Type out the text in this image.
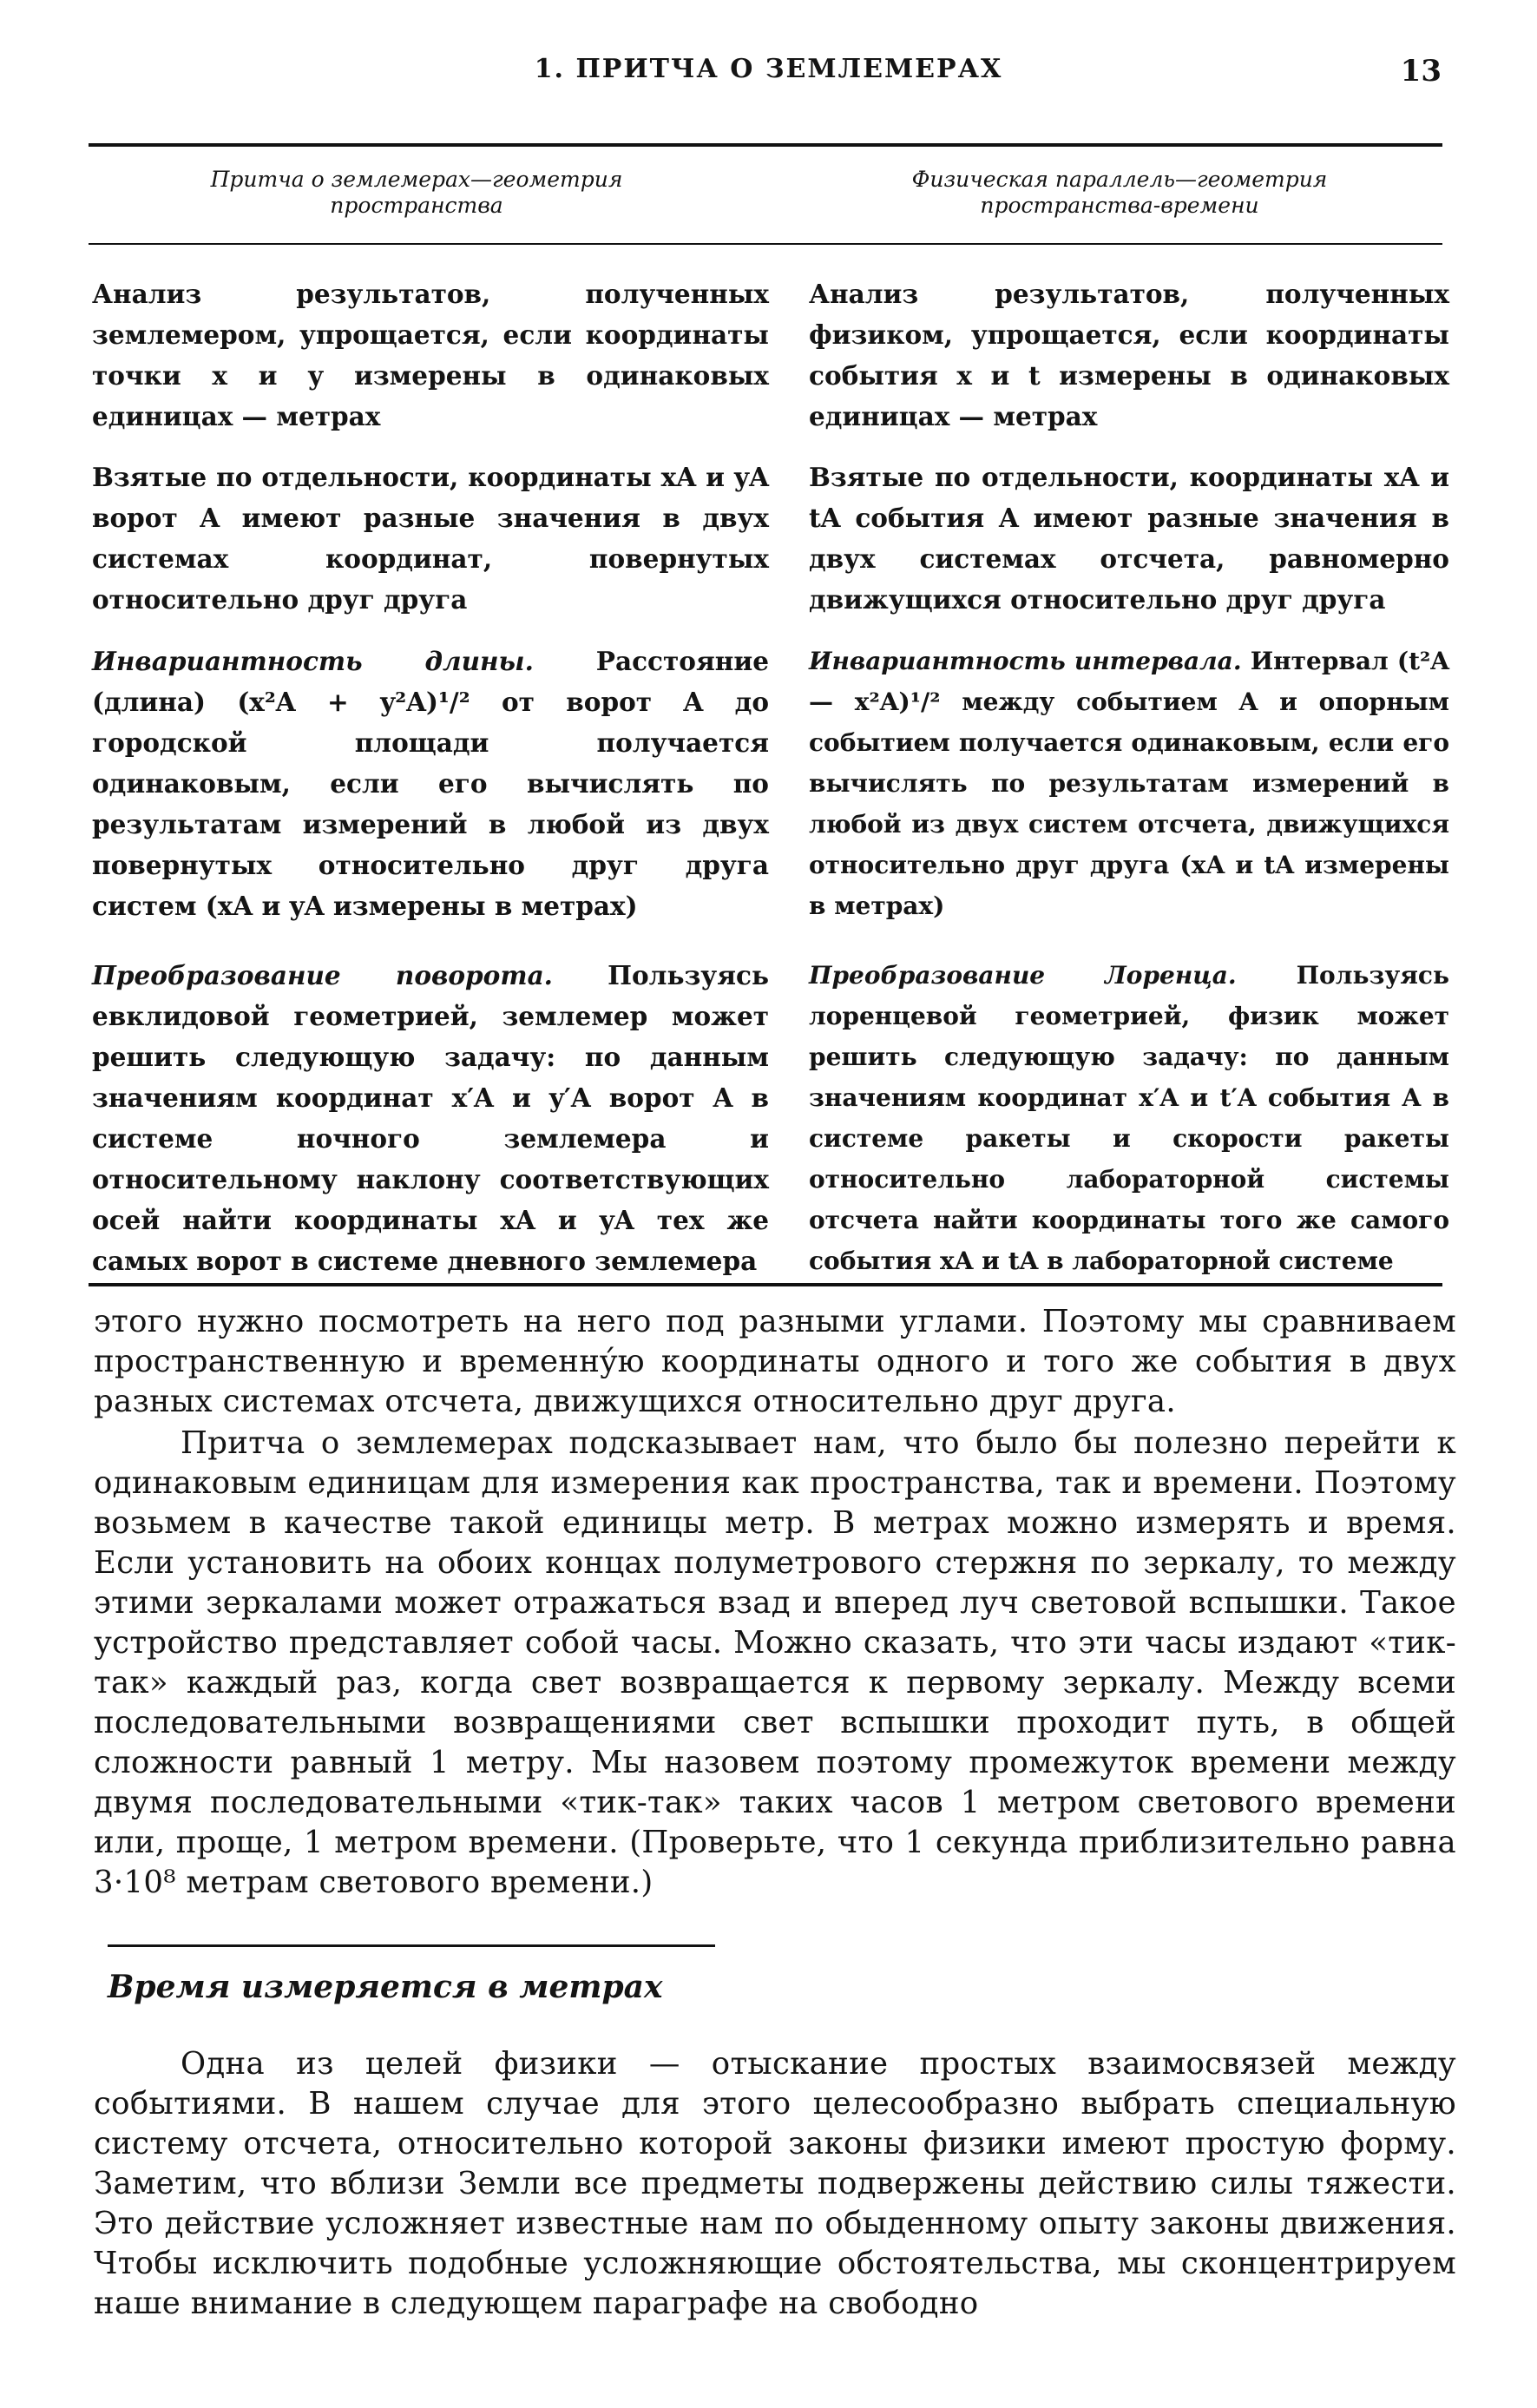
1. ПРИТЧА О ЗЕМЛЕМЕРАХ	13
Притча о землемерах—геометрия пространства
Физическая параллель—геометрия пространства-времени
Анализ результатов, полученных землемером, упрощается, если координаты точки x и y измерены в одинаковых единицах — метрах
Анализ результатов, полученных физиком, упрощается, если координаты события x и t измерены в одинаковых единицах — метрах
Взятые по отдельности, координаты xA и yA ворот A имеют разные значения в двух системах координат, повернутых относительно друг друга
Взятые по отдельности, координаты xA и tA события A имеют разные значения в двух системах отсчета, равномерно движущихся относительно друг друга
Инвариантность длины. Расстояние (длина) (x²A + y²A)¹/² от ворот A до городской площади получается одинаковым, если его вычислять по результатам измерений в любой из двух повернутых относительно друг друга систем (xA и yA измерены в метрах)
Инвариантность интервала. Интервал (t²A — x²A)¹/² между событием A и опорным событием получается одинаковым, если его вычислять по результатам измерений в любой из двух систем отсчета, движущихся относительно друг друга (xA и tA измерены в метрах)
Преобразование поворота. Пользуясь евклидовой геометрией, землемер может решить следующую задачу: по данным значениям координат x′A и y′A ворот A в системе ночного землемера и относительному наклону соответствующих осей найти координаты xA и yA тех же самых ворот в системе дневного землемера
Преобразование Лоренца. Пользуясь лоренцевой геометрией, физик может решить следующую задачу: по данным значениям координат x′A и t′A события A в системе ракеты и скорости ракеты относительно лабораторной системы отсчета найти координаты того же самого события xA и tA в лабораторной системе
этого нужно посмотреть на него под разными углами. Поэтому мы сравниваем пространственную и временнýю координаты одного и того же события в двух разных системах отсчета, движущихся относительно друг друга.
Притча о землемерах подсказывает нам, что было бы полезно перейти к одинаковым единицам для измерения как пространства, так и времени. Поэтому возьмем в качестве такой единицы метр. В метрах можно измерять и время. Если установить на обоих концах полуметрового стержня по зеркалу, то между этими зеркалами может отражаться взад и вперед луч световой вспышки. Такое устройство представляет собой часы. Можно сказать, что эти часы издают «тик-так» каждый раз, когда свет возвращается к первому зеркалу. Между всеми последовательными возвращениями свет вспышки проходит путь, в общей сложности равный 1 метру. Мы назовем поэтому промежуток времени между двумя последовательными «тик-так» таких часов 1 метром светового времени или, проще, 1 метром времени. (Проверьте, что 1 секунда приблизительно равна 3·10⁸ метрам светового времени.)
Время измеряется в метрах
Одна из целей физики — отыскание простых взаимосвязей между событиями. В нашем случае для этого целесообразно выбрать специальную систему отсчета, относительно которой законы физики имеют простую форму. Заметим, что вблизи Земли все предметы подвержены действию силы тяжести. Это действие усложняет известные нам по обыденному опыту законы движения. Чтобы исключить подобные усложняющие обстоятельства, мы сконцентрируем наше внимание в следующем параграфе на свободно
